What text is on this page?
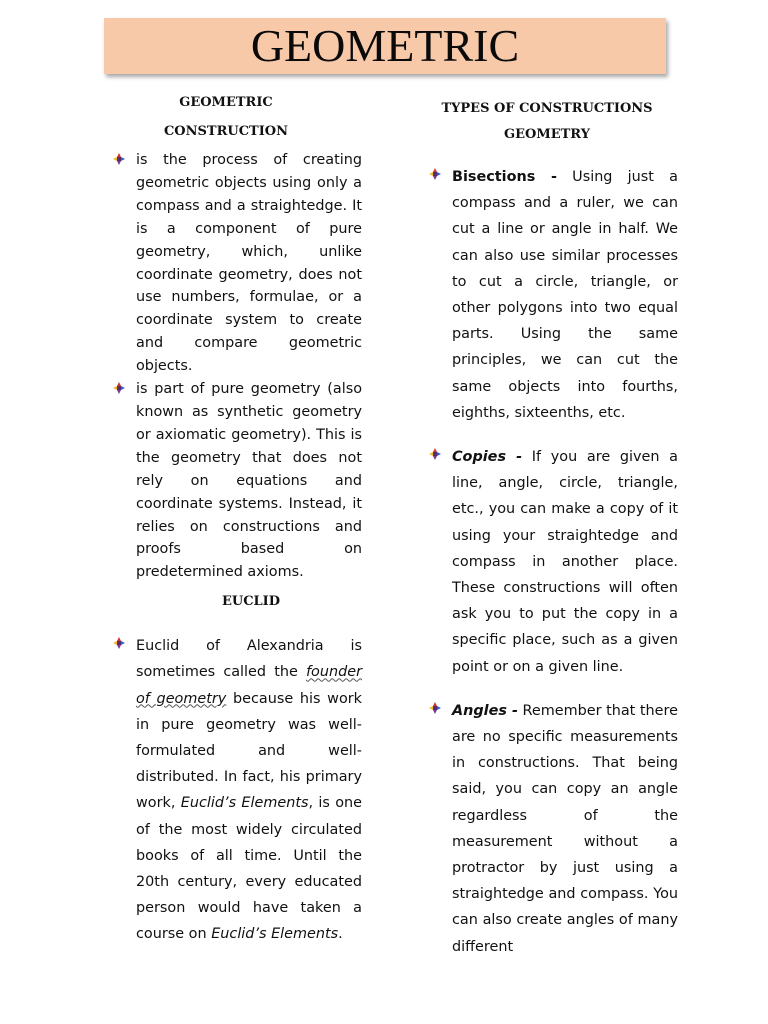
GEOMETRIC
GEOMETRIC
CONSTRUCTION
is the process of creating geometric objects using only a compass and a straightedge. It is a component of pure geometry, which, unlike coordinate geometry, does not use numbers, formulae, or a coordinate system to create and compare geometric objects.
is part of pure geometry (also known as synthetic geometry or axiomatic geometry). This is the geometry that does not rely on equations and coordinate systems. Instead, it relies on constructions and proofs based on predetermined axioms.
EUCLID
Euclid of Alexandria is sometimes called the founder of geometry because his work in pure geometry was well-formulated and well-distributed. In fact, his primary work, Euclid’s Elements, is one of the most widely circulated books of all time. Until the 20th century, every educated person would have taken a course on Euclid’s Elements.
TYPES OF CONSTRUCTIONS
GEOMETRY
Bisections - Using just a compass and a ruler, we can cut a line or angle in half. We can also use similar processes to cut a circle, triangle, or other polygons into two equal parts. Using the same principles, we can cut the same objects into fourths, eighths, sixteenths, etc.
Copies - If you are given a line, angle, circle, triangle, etc., you can make a copy of it using your straightedge and compass in another place. These constructions will often ask you to put the copy in a specific place, such as a given point or on a given line.
Angles - Remember that there are no specific measurements in constructions. That being said, you can copy an angle regardless of the measurement without a protractor by just using a straightedge and compass. You can also create angles of many different
